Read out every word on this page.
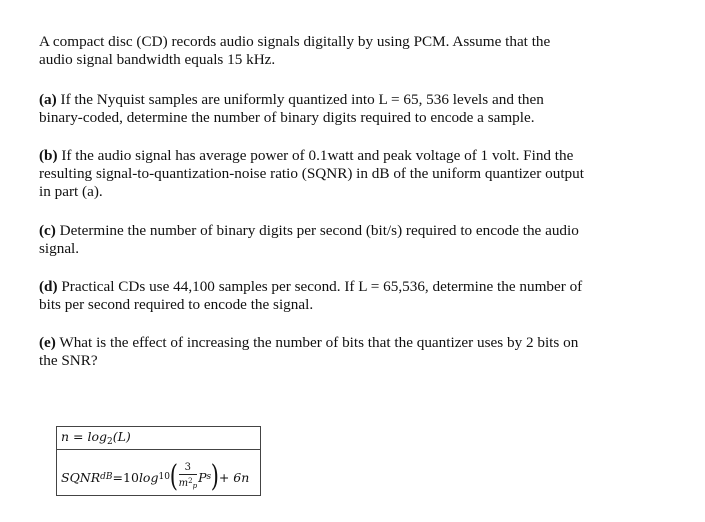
A compact disc (CD) records audio signals digitally by using PCM. Assume that the
audio signal bandwidth equals 15 kHz.

(a) If the Nyquist samples are uniformly quantized into L = 65, 536 levels and then
binary-coded, determine the number of binary digits required to encode a sample.

(b) If the audio signal has average power of 0.1watt and peak voltage of 1 volt. Find the
resulting signal-to-quantization-noise ratio (SQNR) in dB of the uniform quantizer output
in part (a).

(c) Determine the number of binary digits per second (bit/s) required to encode the audio
signal.

(d) Practical CDs use 44,100 samples per second. If L = 65,536, determine the number of
bits per second required to encode the signal.

(e) What is the effect of increasing the number of bits that the quantizer uses by 2 bits on
the SNR?

$n = \log_2(L)$
SQNR dB = 10 log 10 ( $\frac{3}{m^2_p}$ P s ) + 6n
